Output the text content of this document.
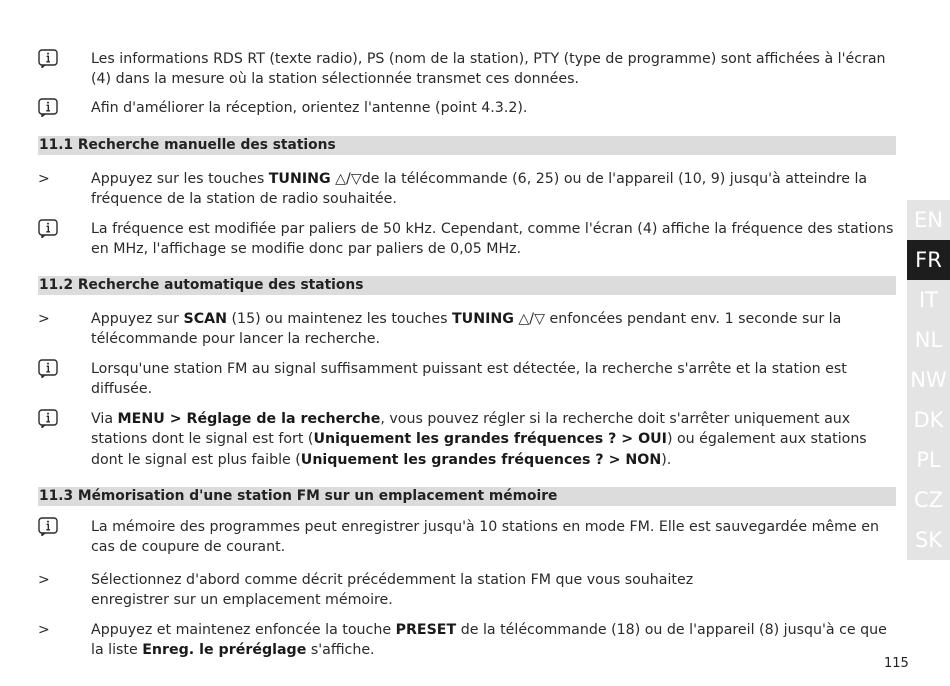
Les informations RDS RT (texte radio), PS (nom de la station), PTY (type de programme) sont affichées à l'écran (4) dans la mesure où la station sélectionnée transmet ces données.
Afin d'améliorer la réception, orientez l'antenne (point 4.3.2).
11.1 Recherche manuelle des stations
>	Appuyez sur les touches TUNING △/▽de la télécommande (6, 25) ou de l'appareil (10, 9) jusqu'à atteindre la fréquence de la station de radio souhaitée.
La fréquence est modifiée par paliers de 50 kHz. Cependant, comme l'écran (4) affiche la fréquence des stations en MHz, l'affichage se modifie donc par paliers de 0,05 MHz.
11.2 Recherche automatique des stations
>	Appuyez sur SCAN (15) ou maintenez les touches TUNING △/▽ enfoncées pendant env. 1 seconde sur la télécommande pour lancer la recherche.
Lorsqu'une station FM au signal suffisamment puissant est détectée, la recherche s'arrête et la station est diffusée.
Via MENU > Réglage de la recherche, vous pouvez régler si la recherche doit s'arrêter uniquement aux stations dont le signal est fort (Uniquement les grandes fréquences ? > OUI) ou également aux stations dont le signal est plus faible (Uniquement les grandes fréquences ? > NON).
11.3 Mémorisation d'une station FM sur un emplacement mémoire
La mémoire des programmes peut enregistrer jusqu'à 10 stations en mode FM. Elle est sauvegardée même en cas de coupure de courant.
>	Sélectionnez d'abord comme décrit précédemment la station FM que vous souhaitez enregistrer sur un emplacement mémoire.
>	Appuyez et maintenez enfoncée la touche PRESET de la télécommande (18) ou de l'appareil (8) jusqu'à ce que la liste Enreg. le préréglage s'affiche.
EN
FR
IT
NL
NW
DK
PL
CZ
SK
115
